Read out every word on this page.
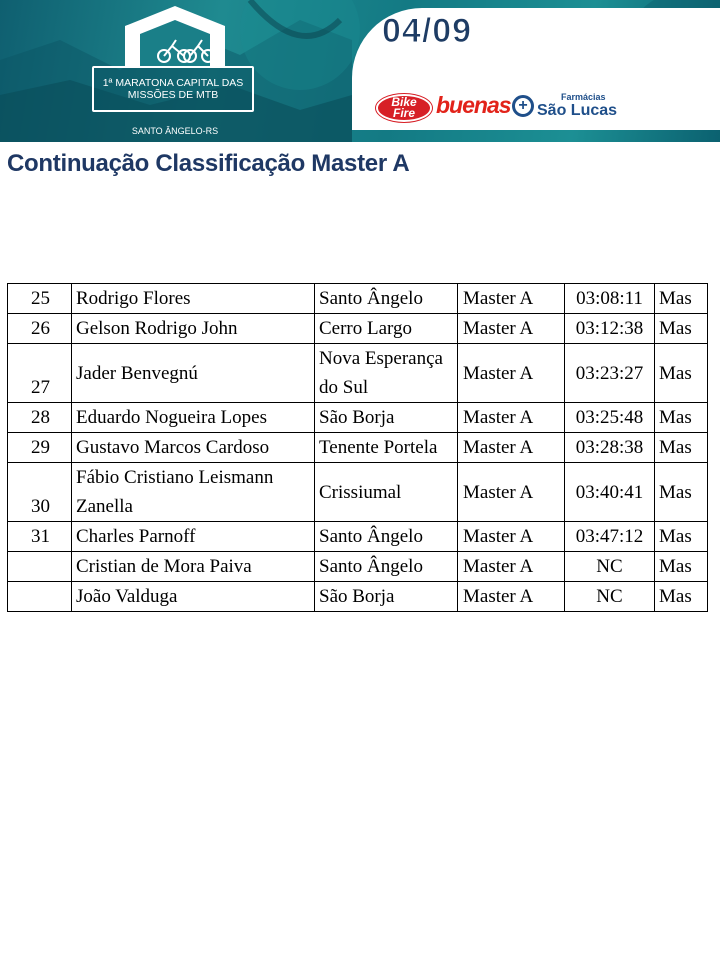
1ª MARATONA CAPITAL DAS
MISSÕES DE MTB
SANTO ÂNGELO-RS
04/09
Bike
Fire buenas +	Farmácias
São Lucas
Continuação Classificação Master A
25	Rodrigo Flores	Santo Ângelo	Master A	03:08:11	Mas
26	Gelson Rodrigo John	Cerro Largo	Master A	03:12:38	Mas
27	Jader Benvegnú	Nova Esperança do Sul	Master A	03:23:27	Mas
28	Eduardo Nogueira Lopes	São Borja	Master A	03:25:48	Mas
29	Gustavo Marcos Cardoso	Tenente Portela	Master A	03:28:38	Mas
30	Fábio Cristiano Leismann Zanella	Crissiumal	Master A	03:40:41	Mas
31	Charles Parnoff	Santo Ângelo	Master A	03:47:12	Mas
	Cristian de Mora Paiva	Santo Ângelo	Master A	NC	Mas
	João Valduga	São Borja	Master A	NC	Mas
